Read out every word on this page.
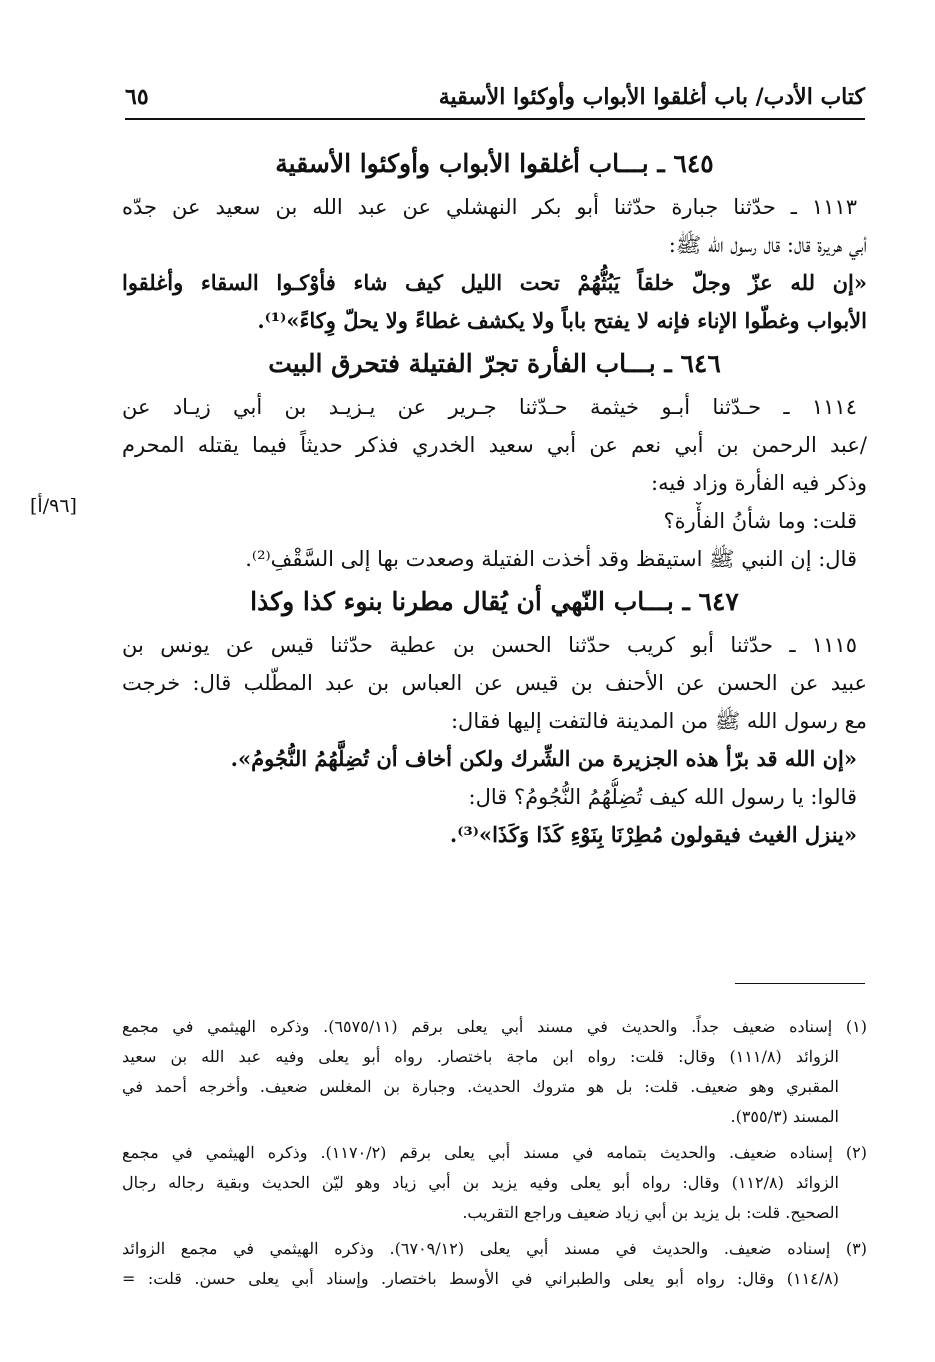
كتاب الأدب/ باب أغلقوا الأبواب وأوكئوا الأسقية
٦٥
[٩٦/أ]
٦٤٥ ـ بـــاب أغلقوا الأبواب وأوكئوا الأسقية
١١١٣ ـ حدّثنا جبارة حدّثنا أبو بكر النهشلي عن عبد الله بن سعيد عن جدّه
أبي هريرة قال: قال رسول الله ﷺ:
«إن لله عزّ وجلّ خلقاً يَبُثُّهُمْ تحت الليل كيف شاء فأوْكـوا السقاء وأغلقوا
الأبواب وغطّوا الإناء فإنه لا يفتح باباً ولا يكشف غطاءً ولا يحلّ وِكاءً»⁽¹⁾.
٦٤٦ ـ بـــاب الفأرة تجرّ الفتيلة فتحرق البيت
١١١٤ ـ حـدّثنا أبـو خيثمة حـدّثنا جـرير عن يـزيـد بن أبي زيـاد عن
/عبد الرحمن بن أبي نعم عن أبي سعيد الخدري فذكر حديثاً فيما يقتله المحرم
وذكر فيه الفأرة وزاد فيه:
قلت: وما شأنُ الفأْرة؟
قال: إن النبي ﷺ استيقظ وقد أخذت الفتيلة وصعدت بها إلى السَّقْفِ⁽²⁾.
٦٤٧ ـ بـــاب النّهي أن يُقال مطرنا بنوء كذا وكذا
١١١٥ ـ حدّثنا أبو كريب حدّثنا الحسن بن عطية حدّثنا قيس عن يونس بن
عبيد عن الحسن عن الأحنف بن قيس عن العباس بن عبد المطّلب قال: خرجت
مع رسول الله ﷺ من المدينة فالتفت إليها فقال:
«إن الله قد برّأ هذه الجزيرة من الشِّرك ولكن أخاف أن تُضِلَّهُمُ النُّجُومُ».
قالوا: يا رسول الله كيف تُضِلُّهُمُ النُّجُومُ؟ قال:
«ينزل الغيث فيقولون مُطِرْنَا بِنَوْءِ كَذَا وَكَذَا»⁽³⁾.
(١) إسناده ضعيف جداً. والحديث في مسند أبي يعلى برقم (٦٥٧٥/١١). وذكره الهيثمي في مجمع
الزوائد (١١١/٨) وقال: قلت: رواه ابن ماجة باختصار. رواه أبو يعلى وفيه عبد الله بن سعيد
المقبري وهو ضعيف. قلت: بل هو متروك الحديث. وجبارة بن المغلس ضعيف. وأخرجه أحمد في
المسند (٣٥٥/٣).
(٢) إسناده ضعيف. والحديث بتمامه في مسند أبي يعلى برقم (١١٧٠/٢). وذكره الهيثمي في مجمع
الزوائد (١١٢/٨) وقال: رواه أبو يعلى وفيه يزيد بن أبي زياد وهو ليّن الحديث وبقية رجاله رجال
الصحيح. قلت: بل يزيد بن أبي زياد ضعيف وراجع التقريب.
(٣) إسناده ضعيف. والحديث في مسند أبي يعلى (٦٧٠٩/١٢). وذكره الهيثمي في مجمع الزوائد
(١١٤/٨) وقال: رواه أبو يعلى والطبراني في الأوسط باختصار. وإسناد أبي يعلى حسن. قلت: =
